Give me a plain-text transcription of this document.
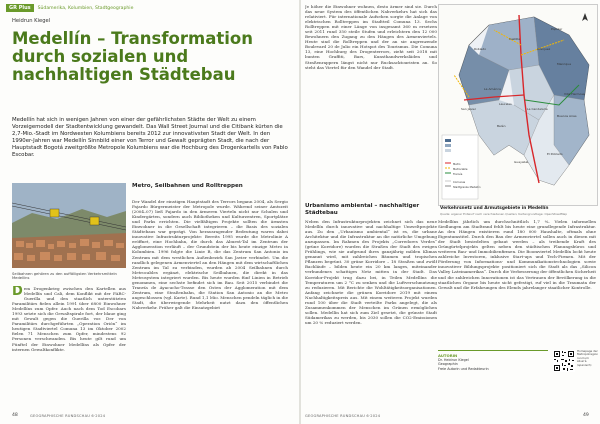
GR Plus	Südamerika, Kolumbien, Stadtgeographie
Heidrun Kiegel
Medellín – Transformation durch sozialen und nachhaltigen Städtebau

Medellín hat sich in wenigen Jahren von einer der gefährlichsten Städte der Welt zu einem Vorzeigemodell der Stadtentwicklung gewandelt. Das Wall Street Journal und die Citibank kürten die 2,7-Mio.-Stadt im Nordwesten Kolumbiens bereits 2012 zur innovativsten Stadt der Welt. In den 1990er-Jahren war Medellín Sinnbild einer von Terror und Gewalt geprägten Stadt, die nach der Hauptstadt Bogotá zweitgrößte Metropole Kolumbiens war die Hochburg des Drogenkartells von Pablo Escobar.

Seilbahnen gehören zu den auffälligsten Verkehrsmitteln Medellíns

Dem Drogenkrieg zwischen den Kartellen aus Medellín und Cali, dem Konflikt mit der FARC-Guerilla und den staatlich unterstützten Paramilitärs fielen allein 1991 über 6800 Einwohner Medellíns zum Opfer. Auch nach dem Tod Escobars 1993 setzte sich die Gewaltspirale fort, der blaue ging mit Gewalt gegen die Guerilla vor. Der von Paramilitärs durchgeführten „Operation Orión“ im heutigen Stadtviertel Comuna 13 im Oktober 2002 fielen 71 Menschen zum Opfer, mindestens 92 Personen verschwanden. Bis heute gilt rund um Fünftel der Einwohner Medellíns als Opfer der internen Gewaltkonflikte.

Metro, Seilbahnen und Rolltreppen

Der Wandel der einstigen Hauptstadt des Terrors begann 2004, als Sergio Fajardo Bürgermeister der Metropole wurde. Während seiner Amtszeit (2004–07) ließ Fajardo in den ärmeren Vierteln nicht nur Schulen und Kindergärten, sondern auch Bibliotheken und Kulturzentren, Sportplätze und Parks errichten. Die vielfältigen Projekte sollten die ärmsten Einwohner in die Gesellschaft integrieren – die Basis des sozialen Städtebaus war geprägt. Von herausragender Bedeutung waren dabei innovative Infrastrukturprojekte: Bereits 1995 wurde die Metrolinie A eröffnet, eine Hochbahn, die durch das Aburrá-Tal im Zentrum der Agglomeration verläuft – der Grundstein der bis heute einzige Metro in Kolumbien. 1996 folgte die Linie B, die das Zentrum San Antonio im Zentrum mit dem westlichen Außenbezirk San Javier verbindet. Um die randlich gelegenen Armenviertel an den Hängen mit dem wirtschaftlichen Zentrum im Tal zu verbinden, wurden ab 2004 Seilbahnen durch Metrocables ergänzt, elektrische Seilbahnen, die direkt in das Metrosystem integriert wurden. Bis heute wurden fünf Linien in Betrieb genommen, eine sechste befindet sich im Bau. Seit 2015 verbindet die Tranvía de Ayacucho-Trasse den Osten der Agglomeration mit dem Zentrum, eine Straßenbahn, die Station San Antonio an die Metro angeschlossen (vgl. Karte). Rund 1,1 Mio. Menschen pendeln täglich in die Stadt, die überwiegende Mehrheit nutzt dazu den öffentlichen Nahverkehr. Früher galt die Einsatzgebiet

48	GEOGRAPHISCHE RUNDSCHAU 6·2024

Je höher die Einwohner wohnen, desto ärmer sind sie. Durch das neue System des öffentlichen Nahverkehrs hat sich das relativiert. Für internationale Aufsehen sorgte die Anlage von elektrischen Rolltreppen im Stadtteil Comuna 13. Sechs Rolltreppen mit einer Länge von insgesamt 360 m ersetzen seit 2011 rund 350 steile Stufen und erleichtern den 12 000 Bewohnern den Zugang zu den Hängen des Armenviertels. Heute sind die Rolltreppen und der an sie angrenzende Boulevard 20 de Julio ein Hotspot des Tourismus. Die Comuna 13, eine Hochburg des Drogenterrors, zieht seit 2018 mit bunten Graffiti, Bars, Kunsthandwerksläden und Straßenrappern längst nicht nur Rucksacktouristen an. So steht das Viertel für den Wandel der Stadt.

Urbanismo ambiental – nachhaltiger Städtebau

Neben den Infrastrukturprojekten zeichnet sich das neue Medellín durch innovative und nachhaltige Umweltprojekte aus. Zu den „Urbanismo ambiental“ ist es, die urbane Architektur und die Infrastruktur an die natürliche Umgebung anzupassen. Im Rahmen des Projekts „Corredores Verdes“ (grüne Korridore) wurden die Straßen der Stadt des ewigen Frühlings, wie sie aufgrund ihres ganzjährig milden Klimas genannt wird, mit zahlreichen Bäumen und tropischen Pflanzen begrünt. 30 grüne Korridore – 18 Straßen und zwölf Bachläufe – bilden heute ein 20 km langes, miteinander verbundenes schattiges Netz mitten in der Stadt. Das Korridor-Projekt trug dazu bei, in Teilen Medellíns die Temperaturen um 2 °C zu senken und die Luftverschmutzung zu reduzieren. Mit Berichte die Wohltätigkeitsorganisationen. Anfang zeichnete die grünen Korridore 2019 mit einem Nachhaltigkeitspreis aus. Mit einem weiteren Projekt wurden rund 100 über die Stadt verteilte Parks angelegt, die als Zusammenkommen der Menschen im Grünen ermöglichen sollen. Medellín hat sich zum Ziel gesetzt, die grünste Stadt Südamerikas zu werden, bis 2030 sollen die CO2-Emissionen um 20 % reduziert werden.

Robledo
Castilla
Aranjuez
Manrique
La América
Buenos Aires
El Poblado
Belén
Guayabal
La Candelaria
Popular
Villa Hermosa
San Javier
Laureles
Metro
Metrocable
Tranvía
Comunas
Stadtgrenze Medellín
Verkehrsnetz und Armutsgebiete in Medellín
Quelle: eigener Entwurf nach verschiedenen Quellen; Kartengrundlage: OpenStreetMap

Medellíns jährlich um durchschnittlich 1,7 %. Vielen informellen Siedlungen am Stadtrand fehlt bis heute eine grundlegende Infrastruktur. An den Hängen existieren rund 180 000 Haushalte, oftmals ohne Eigentumstitel. Durch den Bau der Armenviertel sollen auch in diesen mit der Stadt besiedelten gebaut werden – als treibende Kraft des Grüngürtelprojekts gelten neben den städtischen Planungsbüros und weiteren Bau- und Immobilienfirmen. Die Boomviertel Medellín lockt heute zahlreiche Investoren, inklusive Start-ups und Tech-Firmen. Mit der Förderung von Informations- und Kommunikationstechnologien sowie innovativer Bildungsprojekte positioniert sich die Stadt als das „Silicon Valley Lateinamerikas“. Durch die Verbesserung der öffentlichen Sicherheit und die zahlreichen Innovationen ist das Vertrauen der Bevölkerung in die staatlichen Organe bis heute sicht gefestigt, ruf viel in die Traumata der Gewalt und die Erfahrungen des Elends jahrelanger staatlicher Kontrolle.

AUTORIN
Dr. Heidrun Kiegel
Geographin
Freie Autorin und Redakteurin
Homepage der Metropolregion rund um Aburrá (spanisch)
GEOGRAPHISCHE RUNDSCHAU 6·2024	49
